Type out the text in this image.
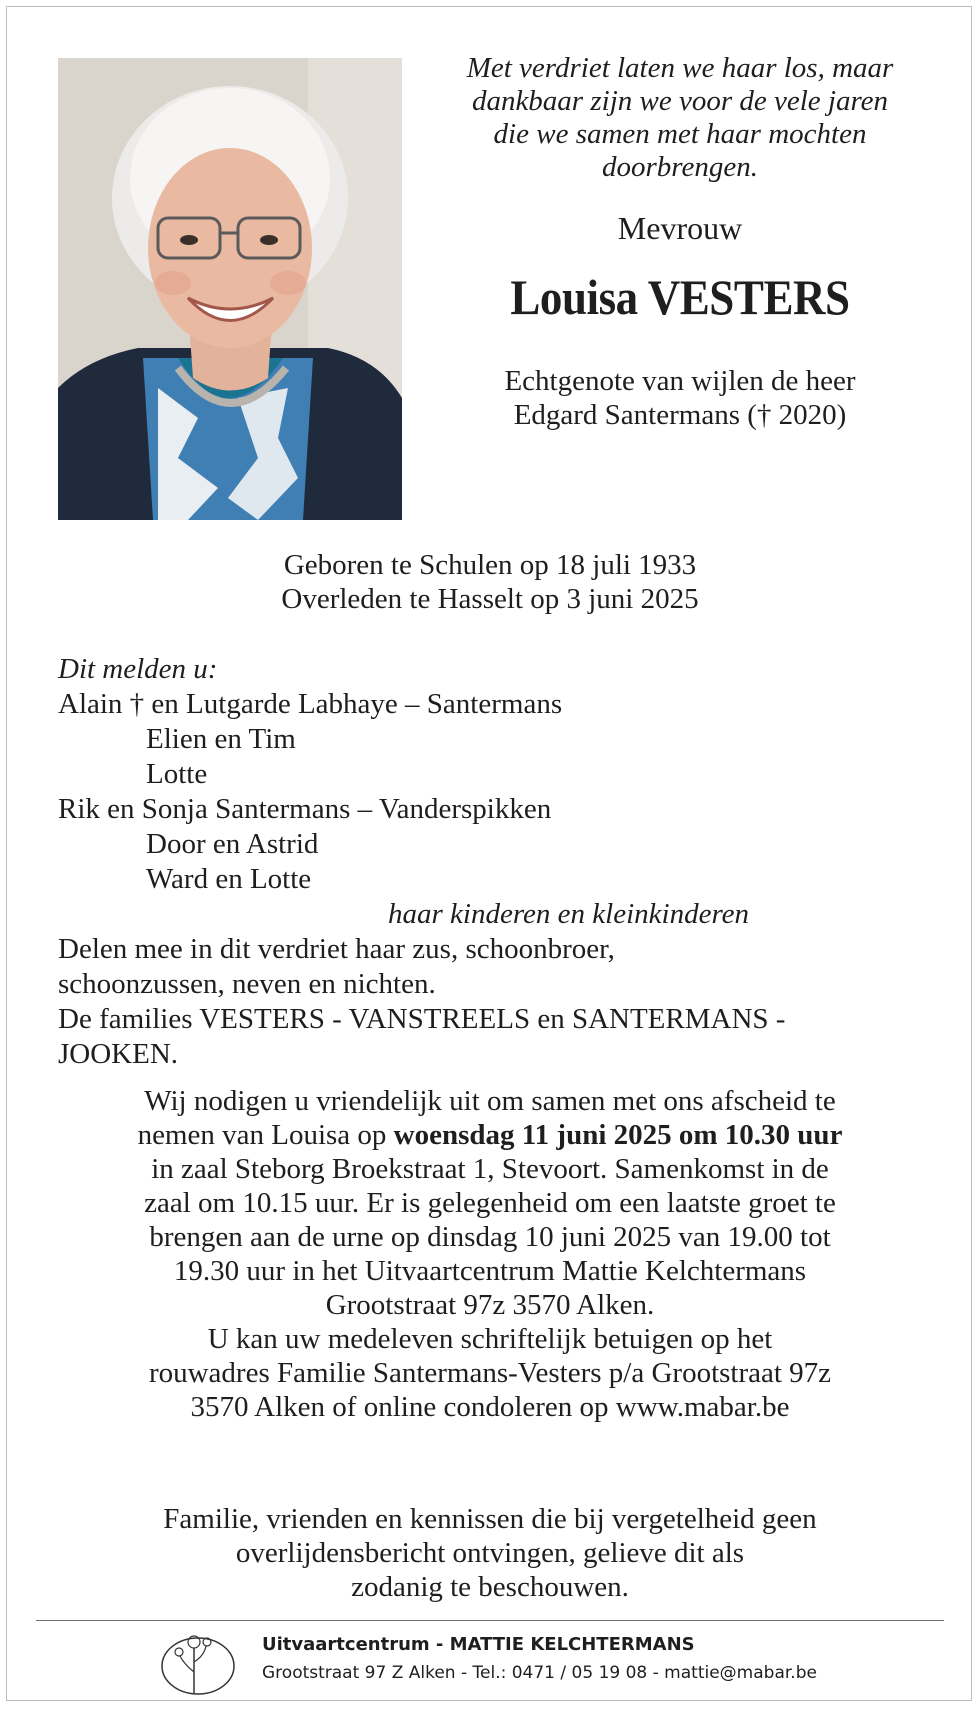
Met verdriet laten we haar los, maar
dankbaar zijn we voor de vele jaren
die we samen met haar mochten
doorbrengen.

Mevrouw
Louisa VESTERS
Echtgenote van wijlen de heer
Edgard Santermans († 2020)
Geboren te Schulen op 18 juli 1933
Overleden te Hasselt op 3 juni 2025
Dit melden u:
Alain † en Lutgarde Labhaye – Santermans
Elien en Tim
Lotte
Rik en Sonja Santermans – Vanderspikken
Door en Astrid
Ward en Lotte
haar kinderen en kleinkinderen
Delen mee in dit verdriet haar zus, schoonbroer,
schoonzussen, neven en nichten.
De families VESTERS - VANSTREELS en SANTERMANS -
JOOKEN.
Wij nodigen u vriendelijk uit om samen met ons afscheid te
nemen van Louisa op woensdag 11 juni 2025 om 10.30 uur
in zaal Steborg Broekstraat 1, Stevoort. Samenkomst in de
zaal om 10.15 uur. Er is gelegenheid om een laatste groet te
brengen aan de urne op dinsdag 10 juni 2025 van 19.00 tot
19.30 uur in het Uitvaartcentrum Mattie Kelchtermans
Grootstraat 97z 3570 Alken.
U kan uw medeleven schriftelijk betuigen op het
rouwadres Familie Santermans-Vesters p/a Grootstraat 97z
3570 Alken of online condoleren op www.mabar.be
Familie, vrienden en kennissen die bij vergetelheid geen
overlijdensbericht ontvingen, gelieve dit als
zodanig te beschouwen.
Uitvaartcentrum - MATTIE KELCHTERMANS
Grootstraat 97 Z Alken - Tel.: 0471 / 05 19 08 - mattie@mabar.be
